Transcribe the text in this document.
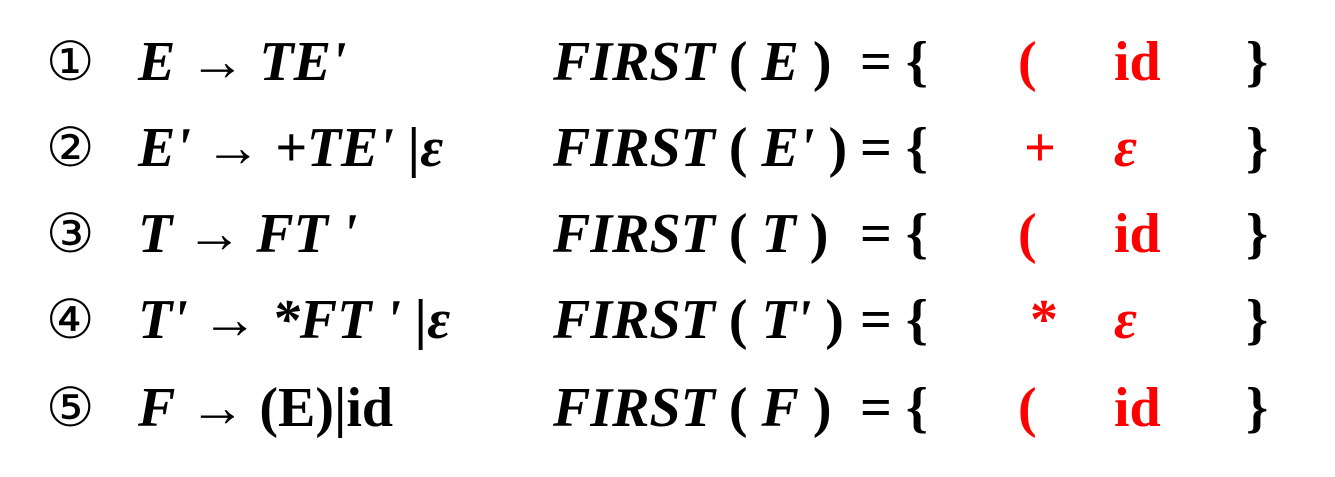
① E → TE'	FIRST ( E ) = { ( id }
② E' → +TE' |ε FIRST ( E' ) = { + ε }
③ T → FT '	FIRST ( T ) = { ( id }
④ T' → *FT ' |ε FIRST ( T' ) = { * ε }
⑤ F → (E)|id	FIRST ( F ) = { ( id }
